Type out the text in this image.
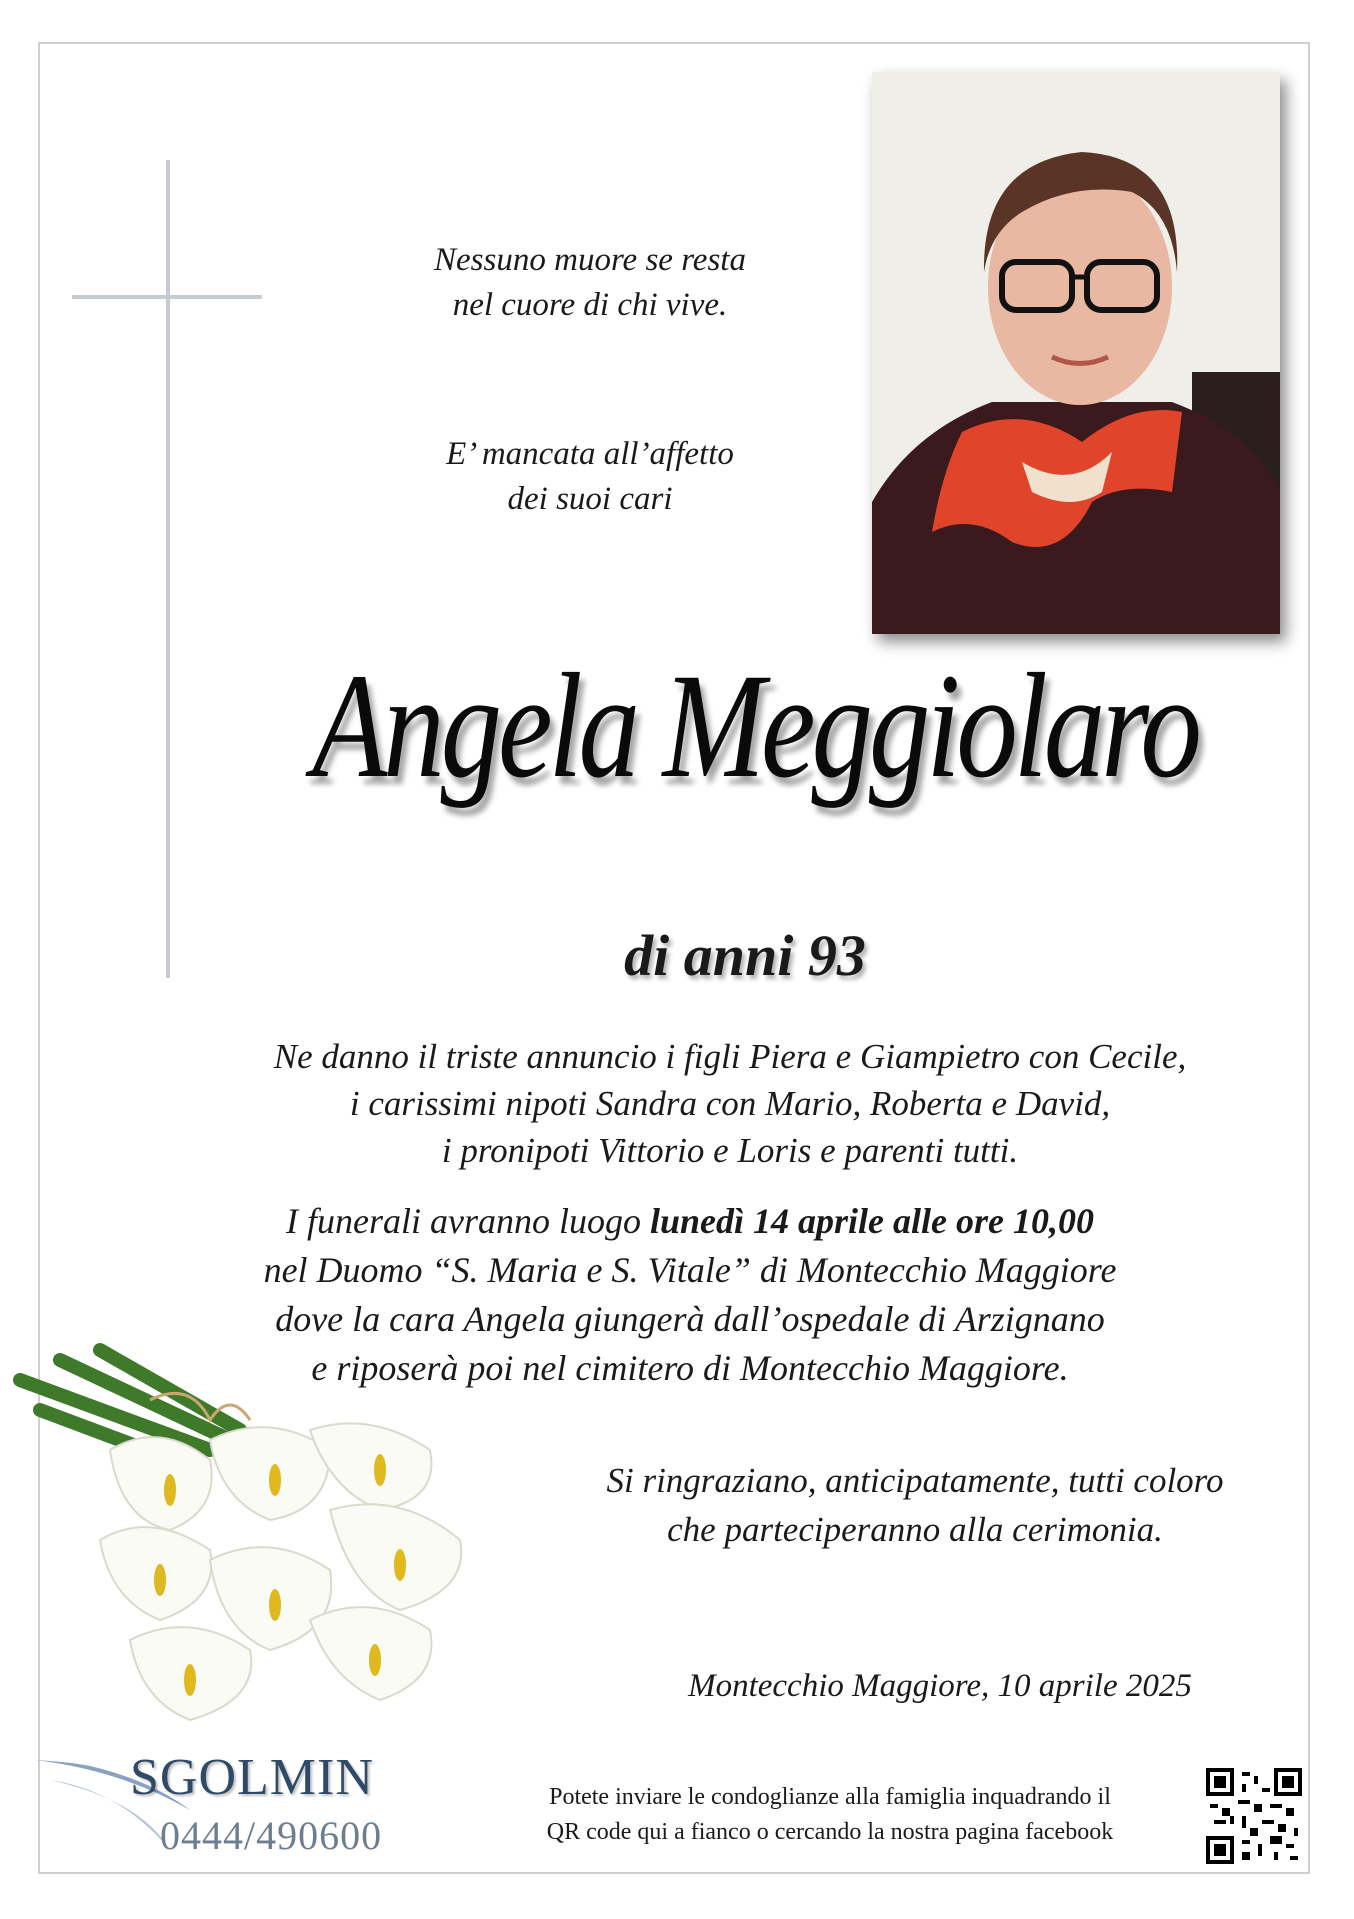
Nessuno muore se resta
nel cuore di chi vive.
E’ mancata all’affetto
dei suoi cari
Angela Meggiolaro
di anni 93
Ne danno il triste annuncio i figli Piera e Giampietro con Cecile,
i carissimi nipoti Sandra con Mario, Roberta e David,
i pronipoti Vittorio e Loris e parenti tutti.
I funerali avranno luogo lunedì 14 aprile alle ore 10,00
nel Duomo “S. Maria e S. Vitale” di Montecchio Maggiore
dove la cara Angela giungerà dall’ospedale di Arzignano
e riposerà poi nel cimitero di Montecchio Maggiore.
Si ringraziano, anticipatamente, tutti coloro
che parteciperanno alla cerimonia.
Montecchio Maggiore, 10 aprile 2025
SGOLMIN
0444/490600
Potete inviare le condoglianze alla famiglia inquadrando il
QR code qui a fianco o cercando la nostra pagina facebook
